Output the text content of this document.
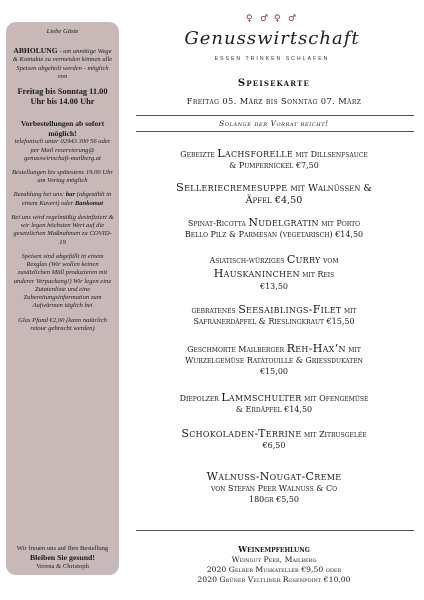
Liebe Gäste

ABHOLUNG - um unnötige Wege & Kontakte zu vermeiden können alle Speisen abgeholt werden - möglich von

Freitag bis Sonntag 11.00 Uhr bis 14.00 Uhr

Vorbestellungen ab sofort möglich!
telefonisch unter 02943 300 56 oder per Mail reservierung@ genusswirtschaft-mailberg.at

Bestellungen bis spätestens 19.00 Uhr am Vortag möglich

Bezahlung bei uns: bar (abgezählt in einem Kuvert) oder Bankomat

Bei uns wird regelmäßig desinfiziert & wir legen höchsten Wert auf die gesetzlichen Maßnahmen zu COVID-19

Speisen sind abgefüllt in einem Rexglas (Wir wollen keinen zusätzlichen Müll produzieren mit anderer Verpackung!) Wir legen eine Zutatenliste und eine Zubereitungsinformation zum Aufwärmen täglich bei

Glas Pfand €2,00 (kann natürlich retour gebracht werden)

Wir freuen uns auf Ihre Bestellung
Bleiben Sie gesund!
Verena & Christoph
♀ ♂ ♀ ♂
Genusswirtschaft
ESSEN TRINKEN SCHLAFEN
Speisekarte
Freitag 05. März bis Sonntag 07. März
Solange der Vorrat reicht!
Gebeizte Lachsforelle mit Dillsenfsauce
& Pumpernickel €7,50
Selleriecremesuppe mit Walnüssen &
Äpfel €4,50
Spinat-Ricotta Nudelgratin mit Porto
Bello Pilz & Parmesan (vegetarisch) €14,50
Asiatisch-würziges Curry vom
Hauskaninchen mit Reis
€13,50
gebratenes Seesaiblings-Filet mit
Safranerdäpfel & Rieslingkraut €15,50
Geschmorte Mailberger Reh-Hax‘n mit
Wurzelgemüse Ratatouille & Grießdukaten
€15,00
Diepolzer Lammschulter mit Ofengemüse
& Erdäpfel €14,50
Schokoladen-Terrine mit Zitrusgelée
€6,50
Walnuss-Nougat-Creme
von Stefan Peer Walnuss & Co
180gr €5,50
Weinempfehlung
Weingut Peer, Mailberg
2020 Gelber Muskateller €9,50 oder
2020 Grüner Veltliner Rosenpoint €10,00
